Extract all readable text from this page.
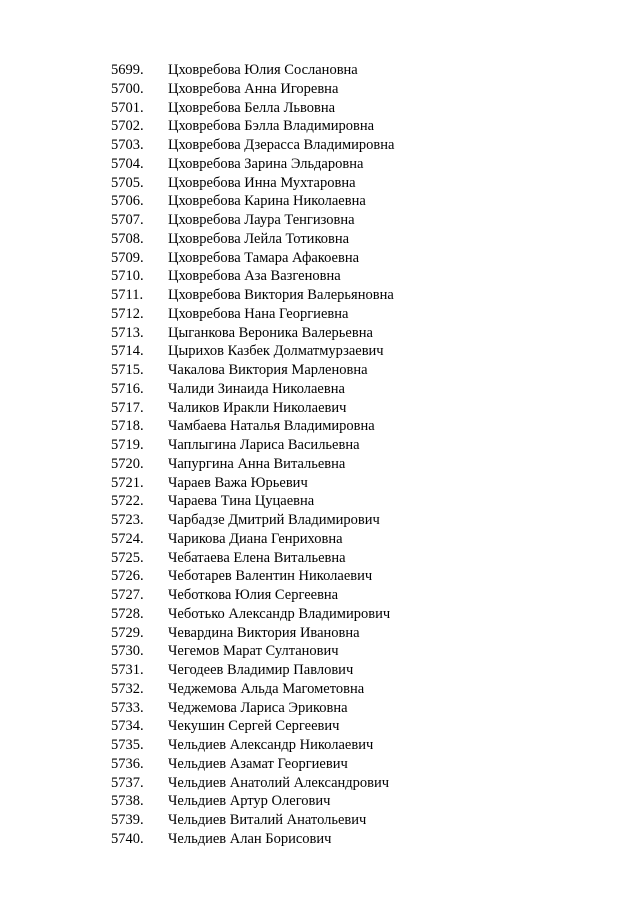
5699.	Цховребова Юлия Сослановна
5700.	Цховребова Анна Игоревна
5701.	Цховребова Белла Львовна
5702.	Цховребова Бэлла Владимировна
5703.	Цховребова Дзерасса Владимировна
5704.	Цховребова Зарина Эльдаровна
5705.	Цховребова Инна Мухтаровна
5706.	Цховребова Карина Николаевна
5707.	Цховребова Лаура Тенгизовна
5708.	Цховребова Лейла Тотиковна
5709.	Цховребова Тамара Афакоевна
5710.	Цховребова Аза Вазгеновна
5711.	Цховребова Виктория Валерьяновна
5712.	Цховребова Нана Георгиевна
5713.	Цыганкова Вероника Валерьевна
5714.	Цырихов Казбек Долматмурзаевич
5715.	Чакалова Виктория Марленовна
5716.	Чалиди Зинаида Николаевна
5717.	Чаликов Иракли Николаевич
5718.	Чамбаева Наталья Владимировна
5719.	Чаплыгина Лариса Васильевна
5720.	Чапургина Анна Витальевна
5721.	Чараев Важа Юрьевич
5722.	Чараева Тина Цуцаевна
5723.	Чарбадзе Дмитрий Владимирович
5724.	Чарикова Диана Генриховна
5725.	Чебатаева Елена Витальевна
5726.	Чеботарев Валентин Николаевич
5727.	Чеботкова Юлия Сергеевна
5728.	Чеботько Александр Владимирович
5729.	Чевардина Виктория Ивановна
5730.	Чегемов Марат Султанович
5731.	Чегодеев Владимир Павлович
5732.	Чеджемова Альда Магометовна
5733.	Чеджемова Лариса Эриковна
5734.	Чекушин Сергей Сергеевич
5735.	Чельдиев Александр Николаевич
5736.	Чельдиев Азамат Георгиевич
5737.	Чельдиев Анатолий Александрович
5738.	Чельдиев Артур Олегович
5739.	Чельдиев Виталий Анатольевич
5740.	Чельдиев Алан Борисович
